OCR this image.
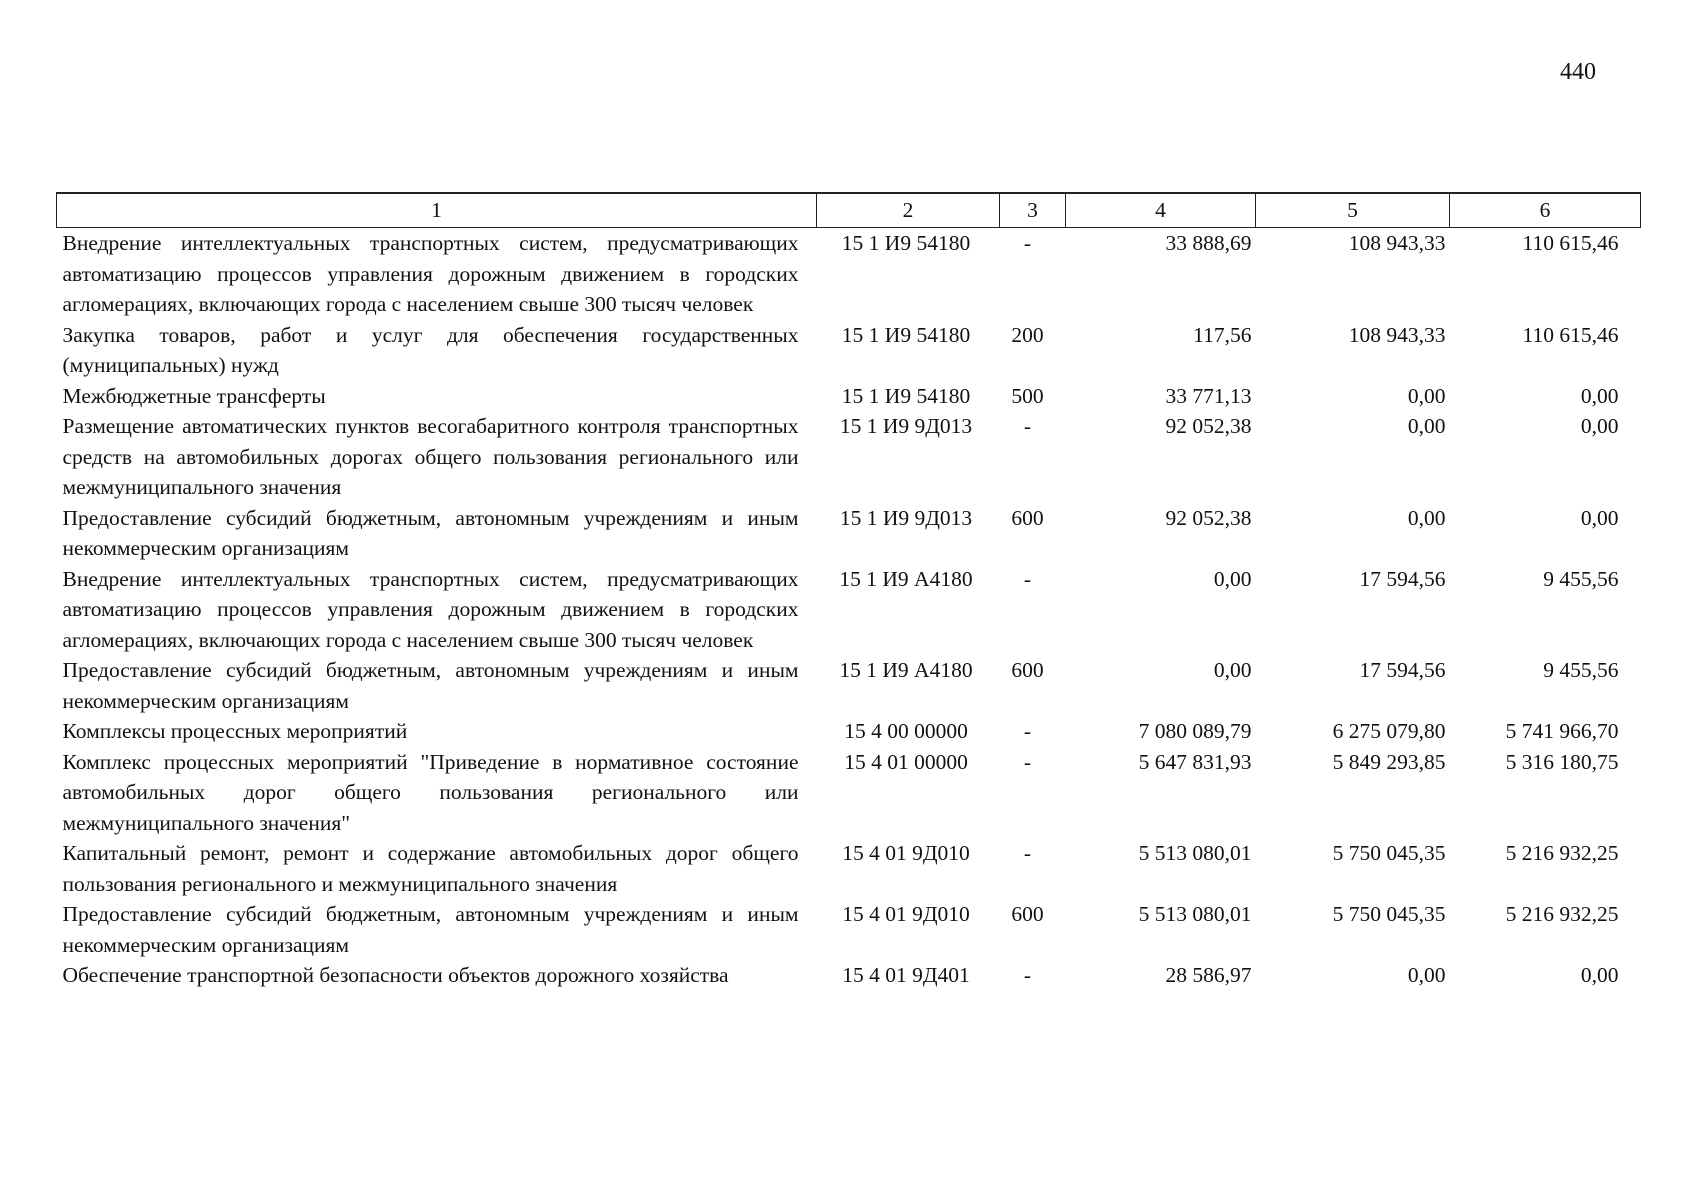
440
1	2	3	4	5	6
Внедрение интеллектуальных транспортных систем, предусматривающих автоматизацию процессов управления дорожным движением в городских агломерациях, включающих города с населением свыше 300 тысяч человек	15 1 И9 54180	-	33 888,69	108 943,33	110 615,46
Закупка товаров, работ и услуг для обеспечения государственных (муниципальных) нужд	15 1 И9 54180	200	117,56	108 943,33	110 615,46
Межбюджетные трансферты	15 1 И9 54180	500	33 771,13	0,00	0,00
Размещение автоматических пунктов весогабаритного контроля транспортных средств на автомобильных дорогах общего пользования регионального или межмуниципального значения	15 1 И9 9Д013	-	92 052,38	0,00	0,00
Предоставление субсидий бюджетным, автономным учреждениям и иным некоммерческим организациям	15 1 И9 9Д013	600	92 052,38	0,00	0,00
Внедрение интеллектуальных транспортных систем, предусматривающих автоматизацию процессов управления дорожным движением в городских агломерациях, включающих города с населением свыше 300 тысяч человек	15 1 И9 А4180	-	0,00	17 594,56	9 455,56
Предоставление субсидий бюджетным, автономным учреждениям и иным некоммерческим организациям	15 1 И9 А4180	600	0,00	17 594,56	9 455,56
Комплексы процессных мероприятий	15 4 00 00000	-	7 080 089,79	6 275 079,80	5 741 966,70
Комплекс процессных мероприятий "Приведение в нормативное состояние автомобильных дорог общего пользования регионального или межмуниципального значения"	15 4 01 00000	-	5 647 831,93	5 849 293,85	5 316 180,75
Капитальный ремонт, ремонт и содержание автомобильных дорог общего пользования регионального и межмуниципального значения	15 4 01 9Д010	-	5 513 080,01	5 750 045,35	5 216 932,25
Предоставление субсидий бюджетным, автономным учреждениям и иным некоммерческим организациям	15 4 01 9Д010	600	5 513 080,01	5 750 045,35	5 216 932,25
Обеспечение транспортной безопасности объектов дорожного хозяйства	15 4 01 9Д401	-	28 586,97	0,00	0,00
